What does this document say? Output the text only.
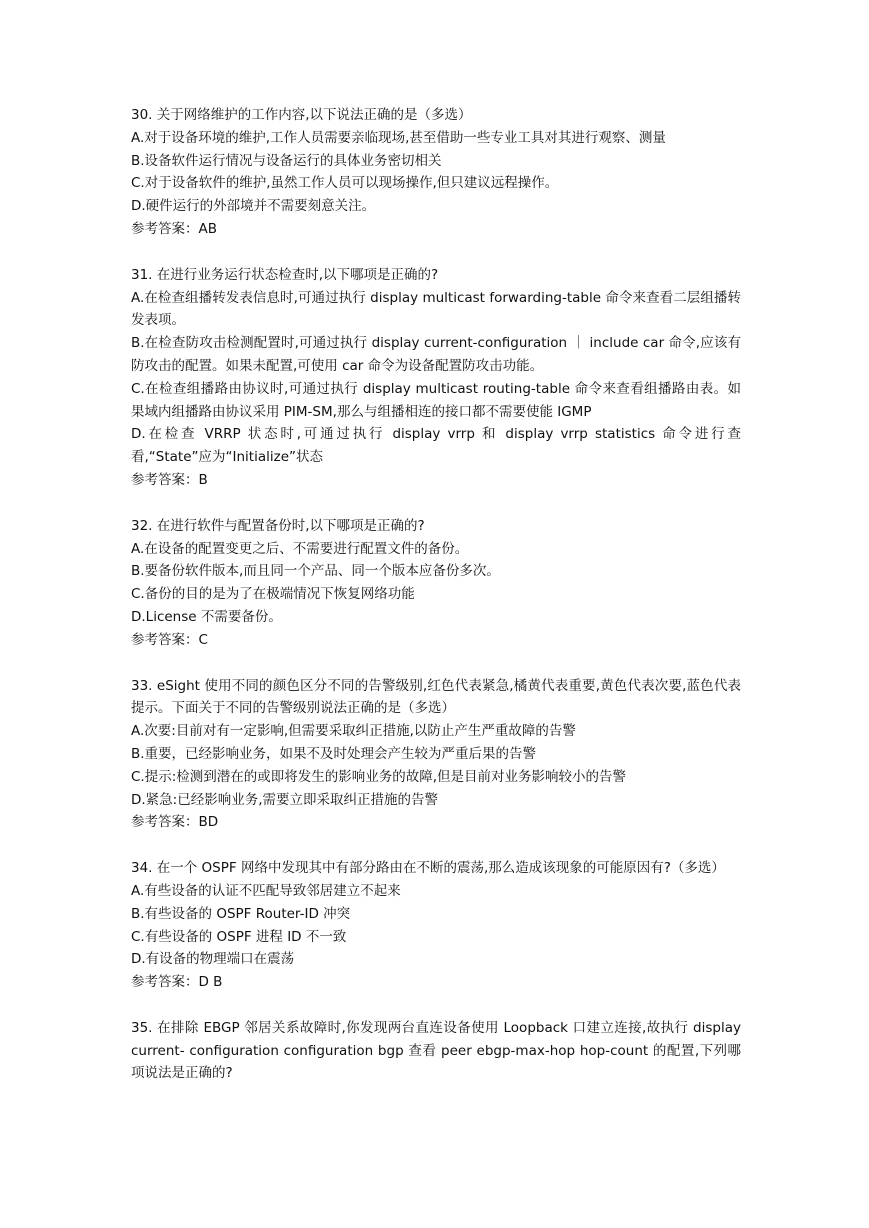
30. 关于网络维护的工作内容,以下说法正确的是（多选）
A.对于设备环境的维护,工作人员需要亲临现场,甚至借助一些专业工具对其进行观察、测量
B.设备软件运行情况与设备运行的具体业务密切相关
C.对于设备软件的维护,虽然工作人员可以现场操作,但只建议远程操作。
D.硬件运行的外部境并不需要刻意关注。
参考答案：AB
31. 在进行业务运行状态检查时,以下哪项是正确的?
A.在检查组播转发表信息时,可通过执行 display multicast forwarding-table 命令来查看二层组播转发表项。
B.在检查防攻击检测配置时,可通过执行 display current-configuration ｜ include car 命令,应该有防攻击的配置。如果未配置,可使用 car 命令为设备配置防攻击功能。
C.在检查组播路由协议时,可通过执行 display multicast routing-table 命令来查看组播路由表。如果域内组播路由协议采用 PIM-SM,那么与组播相连的接口都不需要使能 IGMP
D.在检查 VRRP 状态时,可通过执行 display vrrp 和 display vrrp statistics 命令进行查看,“State”应为“Initialize”状态
参考答案：B
32. 在进行软件与配置备份时,以下哪项是正确的?
A.在设备的配置变更之后、不需要进行配置文件的备份。
B.要备份软件版本,而且同一个产品、同一个版本应备份多次。
C.备份的目的是为了在极端情况下恢复网络功能
D.License 不需要备份。
参考答案：C
33. eSight 使用不同的颜色区分不同的告警级别,红色代表紧急,橘黄代表重要,黄色代表次要,蓝色代表提示。下面关于不同的告警级别说法正确的是（多选）
A.次要:目前对有一定影响,但需要采取纠正措施,以防止产生严重故障的告警
B.重要，已经影响业务，如果不及时处理会产生较为严重后果的告警
C.提示:检测到潜在的或即将发生的影响业务的故障,但是目前对业务影响较小的告警
D.紧急:已经影响业务,需要立即采取纠正措施的告警
参考答案：BD
34. 在一个 OSPF 网络中发现其中有部分路由在不断的震荡,那么造成该现象的可能原因有?（多选）
A.有些设备的认证不匹配导致邻居建立不起来
B.有些设备的 OSPF Router-ID 冲突
C.有些设备的 OSPF 进程 ID 不一致
D.有设备的物理端口在震荡
参考答案：D B
35. 在排除 EBGP 邻居关系故障时,你发现两台直连设备使用 Loopback 口建立连接,故执行 display current- configuration configuration bgp 查看 peer ebgp-max-hop hop-count 的配置,下列哪项说法是正确的?
